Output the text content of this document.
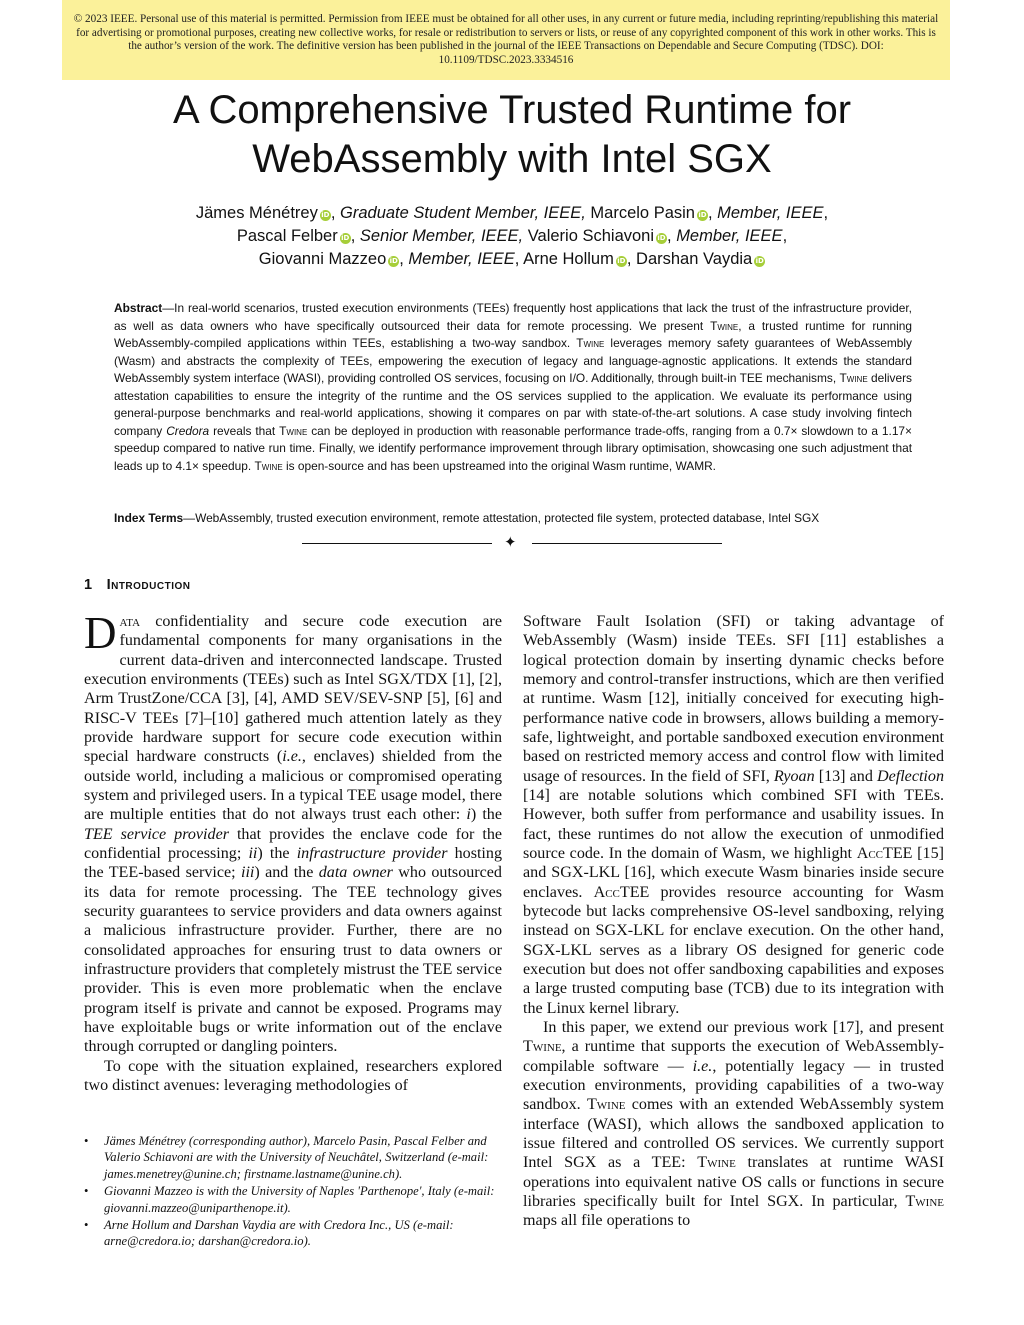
© 2023 IEEE. Personal use of this material is permitted. Permission from IEEE must be obtained for all other uses, in any current or future media, including reprinting/republishing this material for advertising or promotional purposes, creating new collective works, for resale or redistribution to servers or lists, or reuse of any copyrighted component of this work in other works. This is the author’s version of the work. The definitive version has been published in the journal of the IEEE Transactions on Dependable and Secure Computing (TDSC). DOI: 10.1109/TDSC.2023.3334516

A Comprehensive Trusted Runtime for
WebAssembly with Intel SGX
Jämes Ménétrey iD, Graduate Student Member, IEEE, Marcelo Pasin iD, Member, IEEE,
Pascal Felber iD, Senior Member, IEEE, Valerio Schiavoni iD, Member, IEEE,
Giovanni Mazzeo iD, Member, IEEE, Arne Hollum iD, Darshan Vaydia iD

Abstract—In real-world scenarios, trusted execution environments (TEEs) frequently host applications that lack the trust of the infrastructure provider, as well as data owners who have specifically outsourced their data for remote processing. We present Twine, a trusted runtime for running WebAssembly-compiled applications within TEEs, establishing a two-way sandbox. Twine leverages memory safety guarantees of WebAssembly (Wasm) and abstracts the complexity of TEEs, empowering the execution of legacy and language-agnostic applications. It extends the standard WebAssembly system interface (WASI), providing controlled OS services, focusing on I/O. Additionally, through built-in TEE mechanisms, Twine delivers attestation capabilities to ensure the integrity of the runtime and the OS services supplied to the application. We evaluate its performance using general-purpose benchmarks and real-world applications, showing it compares on par with state-of-the-art solutions. A case study involving fintech company Credora reveals that Twine can be deployed in production with reasonable performance trade-offs, ranging from a 0.7× slowdown to a 1.17× speedup compared to native run time. Finally, we identify performance improvement through library optimisation, showcasing one such adjustment that leads up to 4.1× speedup. Twine is open-source and has been upstreamed into the original Wasm runtime, WAMR.

Index Terms—WebAssembly, trusted execution environment, remote attestation, protected file system, protected database, Intel SGX

✦
1 Introduction

Data confidentiality and secure code execution are fundamental components for many organisations in the current data-driven and interconnected landscape. Trusted execution environments (TEEs) such as Intel SGX/TDX [1], [2], Arm TrustZone/CCA [3], [4], AMD SEV/SEV-SNP [5], [6] and RISC-V TEEs [7]–[10] gathered much attention lately as they provide hardware support for secure code execution within special hardware constructs (i.e., enclaves) shielded from the outside world, including a malicious or compromised operating system and privileged users. In a typical TEE usage model, there are multiple entities that do not always trust each other: i) the TEE service provider that provides the enclave code for the confidential processing; ii) the infrastructure provider hosting the TEE-based service; iii) and the data owner who outsourced its data for remote processing. The TEE technology gives security guarantees to service providers and data owners against a malicious infrastructure provider. Further, there are no consolidated approaches for ensuring trust to data owners or infrastructure providers that completely mistrust the TEE service provider. This is even more problematic when the enclave program itself is private and cannot be exposed. Programs may have exploitable bugs or write information out of the enclave through corrupted or dangling pointers.

To cope with the situation explained, researchers explored two distinct avenues: leveraging methodologies of

• Jämes Ménétrey (corresponding author), Marcelo Pasin, Pascal Felber and Valerio Schiavoni are with the University of Neuchâtel, Switzerland (e-mail: james.menetrey@unine.ch; firstname.lastname@unine.ch).

• Giovanni Mazzeo is with the University of Naples 'Parthenope', Italy (e-mail: giovanni.mazzeo@uniparthenope.it).

• Arne Hollum and Darshan Vaydia are with Credora Inc., US (e-mail: arne@credora.io; darshan@credora.io).

Software Fault Isolation (SFI) or taking advantage of WebAssembly (Wasm) inside TEEs. SFI [11] establishes a logical protection domain by inserting dynamic checks before memory and control-transfer instructions, which are then verified at runtime. Wasm [12], initially conceived for executing high-performance native code in browsers, allows building a memory-safe, lightweight, and portable sandboxed execution environment based on restricted memory access and control flow with limited usage of resources. In the field of SFI, Ryoan [13] and Deflection [14] are notable solutions which combined SFI with TEEs. However, both suffer from performance and usability issues. In fact, these runtimes do not allow the execution of unmodified source code. In the domain of Wasm, we highlight AccTEE [15] and SGX-LKL [16], which execute Wasm binaries inside secure enclaves. AccTEE provides resource accounting for Wasm bytecode but lacks comprehensive OS-level sandboxing, relying instead on SGX-LKL for enclave execution. On the other hand, SGX-LKL serves as a library OS designed for generic code execution but does not offer sandboxing capabilities and exposes a large trusted computing base (TCB) due to its integration with the Linux kernel library.

In this paper, we extend our previous work [17], and present Twine, a runtime that supports the execution of WebAssembly-compilable software — i.e., potentially legacy — in trusted execution environments, providing capabilities of a two-way sandbox. Twine comes with an extended WebAssembly system interface (WASI), which allows the sandboxed application to issue filtered and controlled OS services. We currently support Intel SGX as a TEE: Twine translates at runtime WASI operations into equivalent native OS calls or functions in secure libraries specifically built for Intel SGX. In particular, Twine maps all file operations to
